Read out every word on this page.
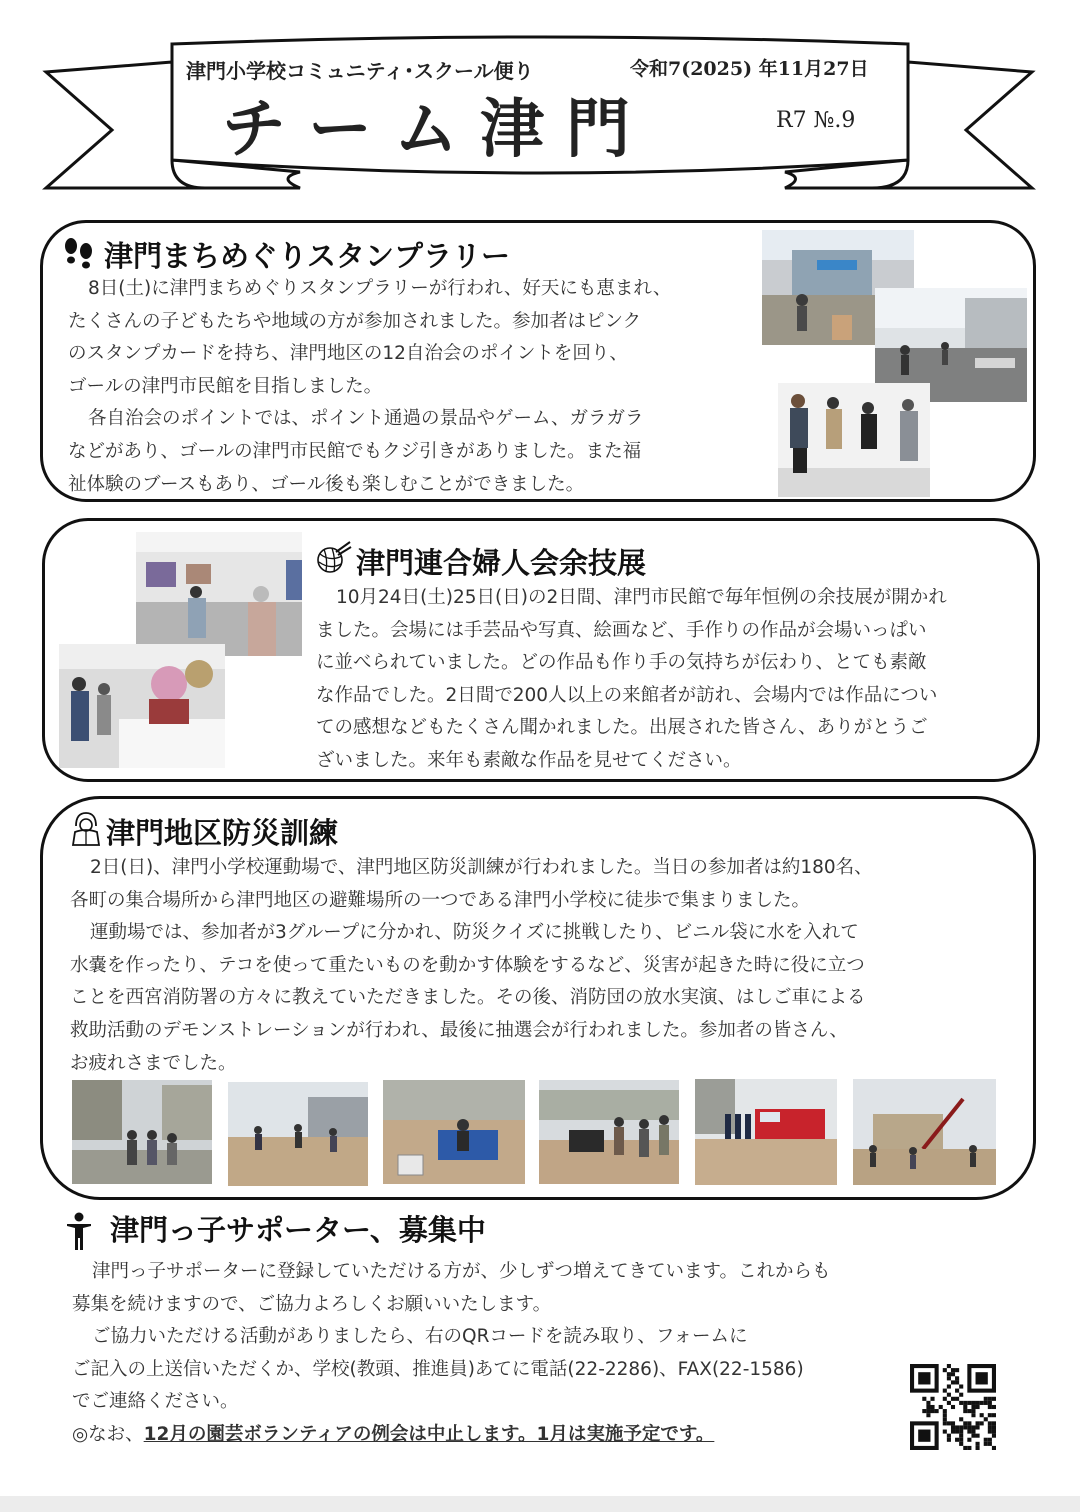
津門小学校コミュニティ･スクール便り	令和7(2025) 年11月27日
チーム津門	R7 №.9
津門まちめぐりスタンプラリー

8日(土)に津門まちめぐりスタンプラリーが行われ、好天にも恵まれ、

たくさんの子どもたちや地域の方が参加されました。参加者はピンク

のスタンプカードを持ち、津門地区の12自治会のポイントを回り、

ゴールの津門市民館を目指しました。

各自治会のポイントでは、ポイント通過の景品やゲーム、ガラガラ

などがあり、ゴールの津門市民館でもクジ引きがありました。また福

祉体験のブースもあり、ゴール後も楽しむことができました。

津門連合婦人会余技展

10月24日(土)25日(日)の2日間、津門市民館で毎年恒例の余技展が開かれ

ました。会場には手芸品や写真、絵画など、手作りの作品が会場いっぱい

に並べられていました。どの作品も作り手の気持ちが伝わり、とても素敵

な作品でした。2日間で200人以上の来館者が訪れ、会場内では作品につい

ての感想などもたくさん聞かれました。出展された皆さん、ありがとうご

ざいました。来年も素敵な作品を見せてください。

津門地区防災訓練

2日(日)、津門小学校運動場で、津門地区防災訓練が行われました。当日の参加者は約180名、

各町の集合場所から津門地区の避難場所の一つである津門小学校に徒歩で集まりました。

運動場では、参加者が3グループに分かれ、防災クイズに挑戦したり、ビニル袋に水を入れて

水嚢を作ったり、テコを使って重たいものを動かす体験をするなど、災害が起きた時に役に立つ

ことを西宮消防署の方々に教えていただきました。その後、消防団の放水実演、はしご車による

救助活動のデモンストレーションが行われ、最後に抽選会が行われました。参加者の皆さん、

お疲れさまでした。

津門っ子サポーター、募集中

津門っ子サポーターに登録していただける方が、少しずつ増えてきています。これからも

募集を続けますので、ご協力よろしくお願いいたします。

ご協力いただける活動がありましたら、右のQRコードを読み取り、フォームに

ご記入の上送信いただくか、学校(教頭、推進員)あてに電話(22-2286)、FAX(22-1586)

でご連絡ください。

◎なお、12月の園芸ボランティアの例会は中止します。1月は実施予定です。
